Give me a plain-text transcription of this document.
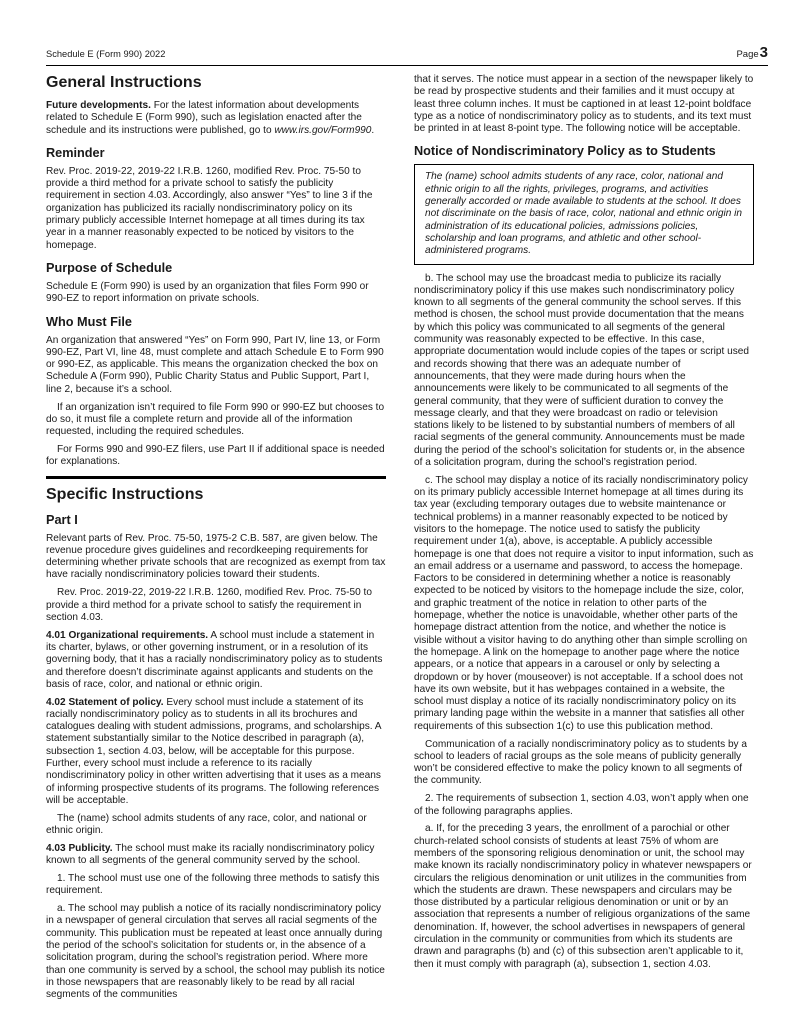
Schedule E (Form 990) 2022	Page3
General Instructions

Future developments. For the latest information about developments related to Schedule E (Form 990), such as legislation enacted after the schedule and its instructions were published, go to www.irs.gov/Form990.

Reminder

Rev. Proc. 2019-22, 2019-22 I.R.B. 1260, modified Rev. Proc. 75-50 to provide a third method for a private school to satisfy the publicity requirement in section 4.03. Accordingly, also answer “Yes” to line 3 if the organization has publicized its racially nondiscriminatory policy on its primary publicly accessible Internet homepage at all times during its tax year in a manner reasonably expected to be noticed by visitors to the homepage.

Purpose of Schedule

Schedule E (Form 990) is used by an organization that files Form 990 or 990-EZ to report information on private schools.

Who Must File

An organization that answered “Yes” on Form 990, Part IV, line 13, or Form 990-EZ, Part VI, line 48, must complete and attach Schedule E to Form 990 or 990-EZ, as applicable. This means the organization checked the box on Schedule A (Form 990), Public Charity Status and Public Support, Part I, line 2, because it’s a school.

If an organization isn’t required to file Form 990 or 990-EZ but chooses to do so, it must file a complete return and provide all of the information requested, including the required schedules.

For Forms 990 and 990-EZ filers, use Part II if additional space is needed for explanations.

Specific Instructions
Part I

Relevant parts of Rev. Proc. 75-50, 1975-2 C.B. 587, are given below. The revenue procedure gives guidelines and recordkeeping requirements for determining whether private schools that are recognized as exempt from tax have racially nondiscriminatory policies toward their students.

Rev. Proc. 2019-22, 2019-22 I.R.B. 1260, modified Rev. Proc. 75-50 to provide a third method for a private school to satisfy the requirement in section 4.03.

4.01 Organizational requirements. A school must include a statement in its charter, bylaws, or other governing instrument, or in a resolution of its governing body, that it has a racially nondiscriminatory policy as to students and therefore doesn’t discriminate against applicants and students on the basis of race, color, and national or ethnic origin.

4.02 Statement of policy. Every school must include a statement of its racially nondiscriminatory policy as to students in all its brochures and catalogues dealing with student admissions, programs, and scholarships. A statement substantially similar to the Notice described in paragraph (a), subsection 1, section 4.03, below, will be acceptable for this purpose. Further, every school must include a reference to its racially nondiscriminatory policy in other written advertising that it uses as a means of informing prospective students of its programs. The following references will be acceptable.

The (name) school admits students of any race, color, and national or ethnic origin.

4.03 Publicity. The school must make its racially nondiscriminatory policy known to all segments of the general community served by the school.

1. The school must use one of the following three methods to satisfy this requirement.

a. The school may publish a notice of its racially nondiscriminatory policy in a newspaper of general circulation that serves all racial segments of the community. This publication must be repeated at least once annually during the period of the school’s solicitation for students or, in the absence of a solicitation program, during the school’s registration period. Where more than one community is served by a school, the school may publish its notice in those newspapers that are reasonably likely to be read by all racial segments of the communities

that it serves. The notice must appear in a section of the newspaper likely to be read by prospective students and their families and it must occupy at least three column inches. It must be captioned in at least 12-point boldface type as a notice of nondiscriminatory policy as to students, and its text must be printed in at least 8-point type. The following notice will be acceptable.

Notice of Nondiscriminatory Policy as to Students

The (name) school admits students of any race, color, national and ethnic origin to all the rights, privileges, programs, and activities generally accorded or made available to students at the school. It does not discriminate on the basis of race, color, national and ethnic origin in administration of its educational policies, admissions policies, scholarship and loan programs, and athletic and other school-administered programs.

b. The school may use the broadcast media to publicize its racially nondiscriminatory policy if this use makes such nondiscriminatory policy known to all segments of the general community the school serves. If this method is chosen, the school must provide documentation that the means by which this policy was communicated to all segments of the general community was reasonably expected to be effective. In this case, appropriate documentation would include copies of the tapes or script used and records showing that there was an adequate number of announcements, that they were made during hours when the announcements were likely to be communicated to all segments of the general community, that they were of sufficient duration to convey the message clearly, and that they were broadcast on radio or television stations likely to be listened to by substantial numbers of members of all racial segments of the general community. Announcements must be made during the period of the school’s solicitation for students or, in the absence of a solicitation program, during the school’s registration period.

c. The school may display a notice of its racially nondiscriminatory policy on its primary publicly accessible Internet homepage at all times during its tax year (excluding temporary outages due to website maintenance or technical problems) in a manner reasonably expected to be noticed by visitors to the homepage. The notice used to satisfy the publicity requirement under 1(a), above, is acceptable. A publicly accessible homepage is one that does not require a visitor to input information, such as an email address or a username and password, to access the homepage. Factors to be considered in determining whether a notice is reasonably expected to be noticed by visitors to the homepage include the size, color, and graphic treatment of the notice in relation to other parts of the homepage, whether the notice is unavoidable, whether other parts of the homepage distract attention from the notice, and whether the notice is visible without a visitor having to do anything other than simple scrolling on the homepage. A link on the homepage to another page where the notice appears, or a notice that appears in a carousel or only by selecting a dropdown or by hover (mouseover) is not acceptable. If a school does not have its own website, but it has webpages contained in a website, the school must display a notice of its racially nondiscriminatory policy on its primary landing page within the website in a manner that satisfies all other requirements of this subsection 1(c) to use this publication method.

Communication of a racially nondiscriminatory policy as to students by a school to leaders of racial groups as the sole means of publicity generally won’t be considered effective to make the policy known to all segments of the community.

2. The requirements of subsection 1, section 4.03, won’t apply when one of the following paragraphs applies.

a. If, for the preceding 3 years, the enrollment of a parochial or other church-related school consists of students at least 75% of whom are members of the sponsoring religious denomination or unit, the school may make known its racially nondiscriminatory policy in whatever newspapers or circulars the religious denomination or unit utilizes in the communities from which the students are drawn. These newspapers and circulars may be those distributed by a particular religious denomination or unit or by an association that represents a number of religious organizations of the same denomination. If, however, the school advertises in newspapers of general circulation in the community or communities from which its students are drawn and paragraphs (b) and (c) of this subsection aren’t applicable to it, then it must comply with paragraph (a), subsection 1, section 4.03.
